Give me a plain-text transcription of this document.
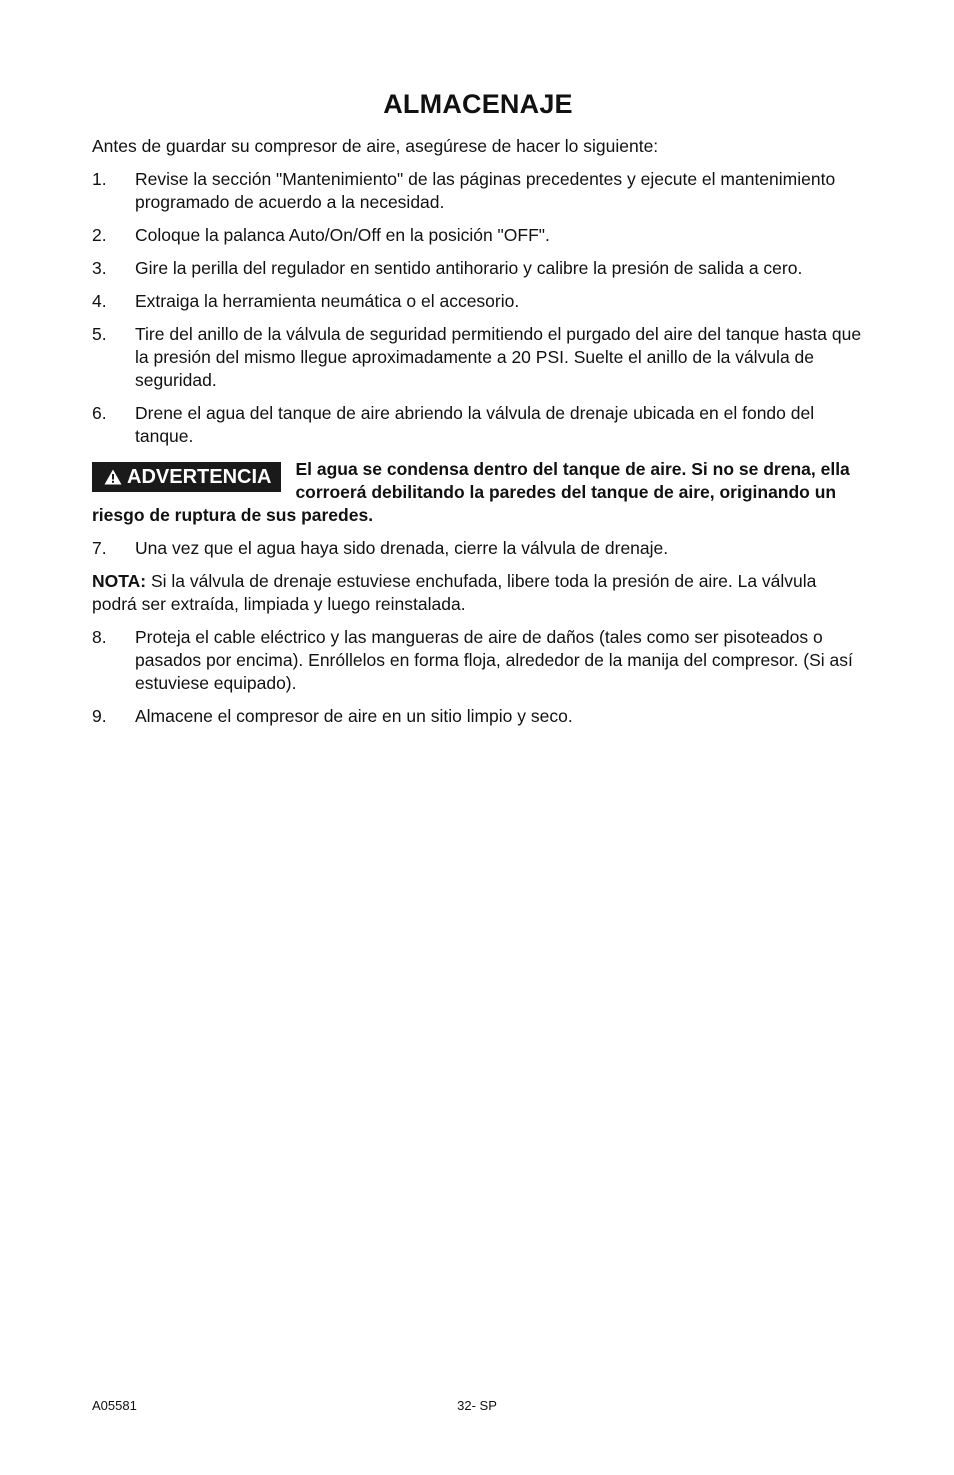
ALMACENAJE

Antes de guardar su compresor de aire, asegúrese de hacer lo siguiente:

1.	Revise la sección "Mantenimiento" de las páginas precedentes y ejecute el mantenimiento programado de acuerdo a la necesidad.
2.	Coloque la palanca Auto/On/Off en la posición "OFF".
3.	Gire la perilla del regulador en sentido antihorario y calibre la presión de salida a cero.
4.	Extraiga la herramienta neumática o el accesorio.
5.	Tire del anillo de la válvula de seguridad permitiendo el purgado del aire del tanque hasta que la presión del mismo llegue aproximadamente a 20 PSI. Suelte el anillo de la válvula de seguridad.
6.	Drene el agua del tanque de aire abriendo la válvula de drenaje ubicada en el fondo del tanque.
ADVERTENCIA El agua se condensa dentro del tanque de aire. Si no se drena, ella corroerá debilitando la paredes del tanque de aire, originando un riesgo de ruptura de sus paredes.
7.	Una vez que el agua haya sido drenada, cierre la válvula de drenaje.

NOTA: Si la válvula de drenaje estuviese enchufada, libere toda la presión de aire. La válvula podrá ser extraída, limpiada y luego reinstalada.

8.	Proteja el cable eléctrico y las mangueras de aire de daños (tales como ser pisoteados o pasados por encima). Enróllelos en forma floja, alrededor de la manija del compresor. (Si así estuviese equipado).
9.	Almacene el compresor de aire en un sitio limpio y seco.
A05581	32- SP
